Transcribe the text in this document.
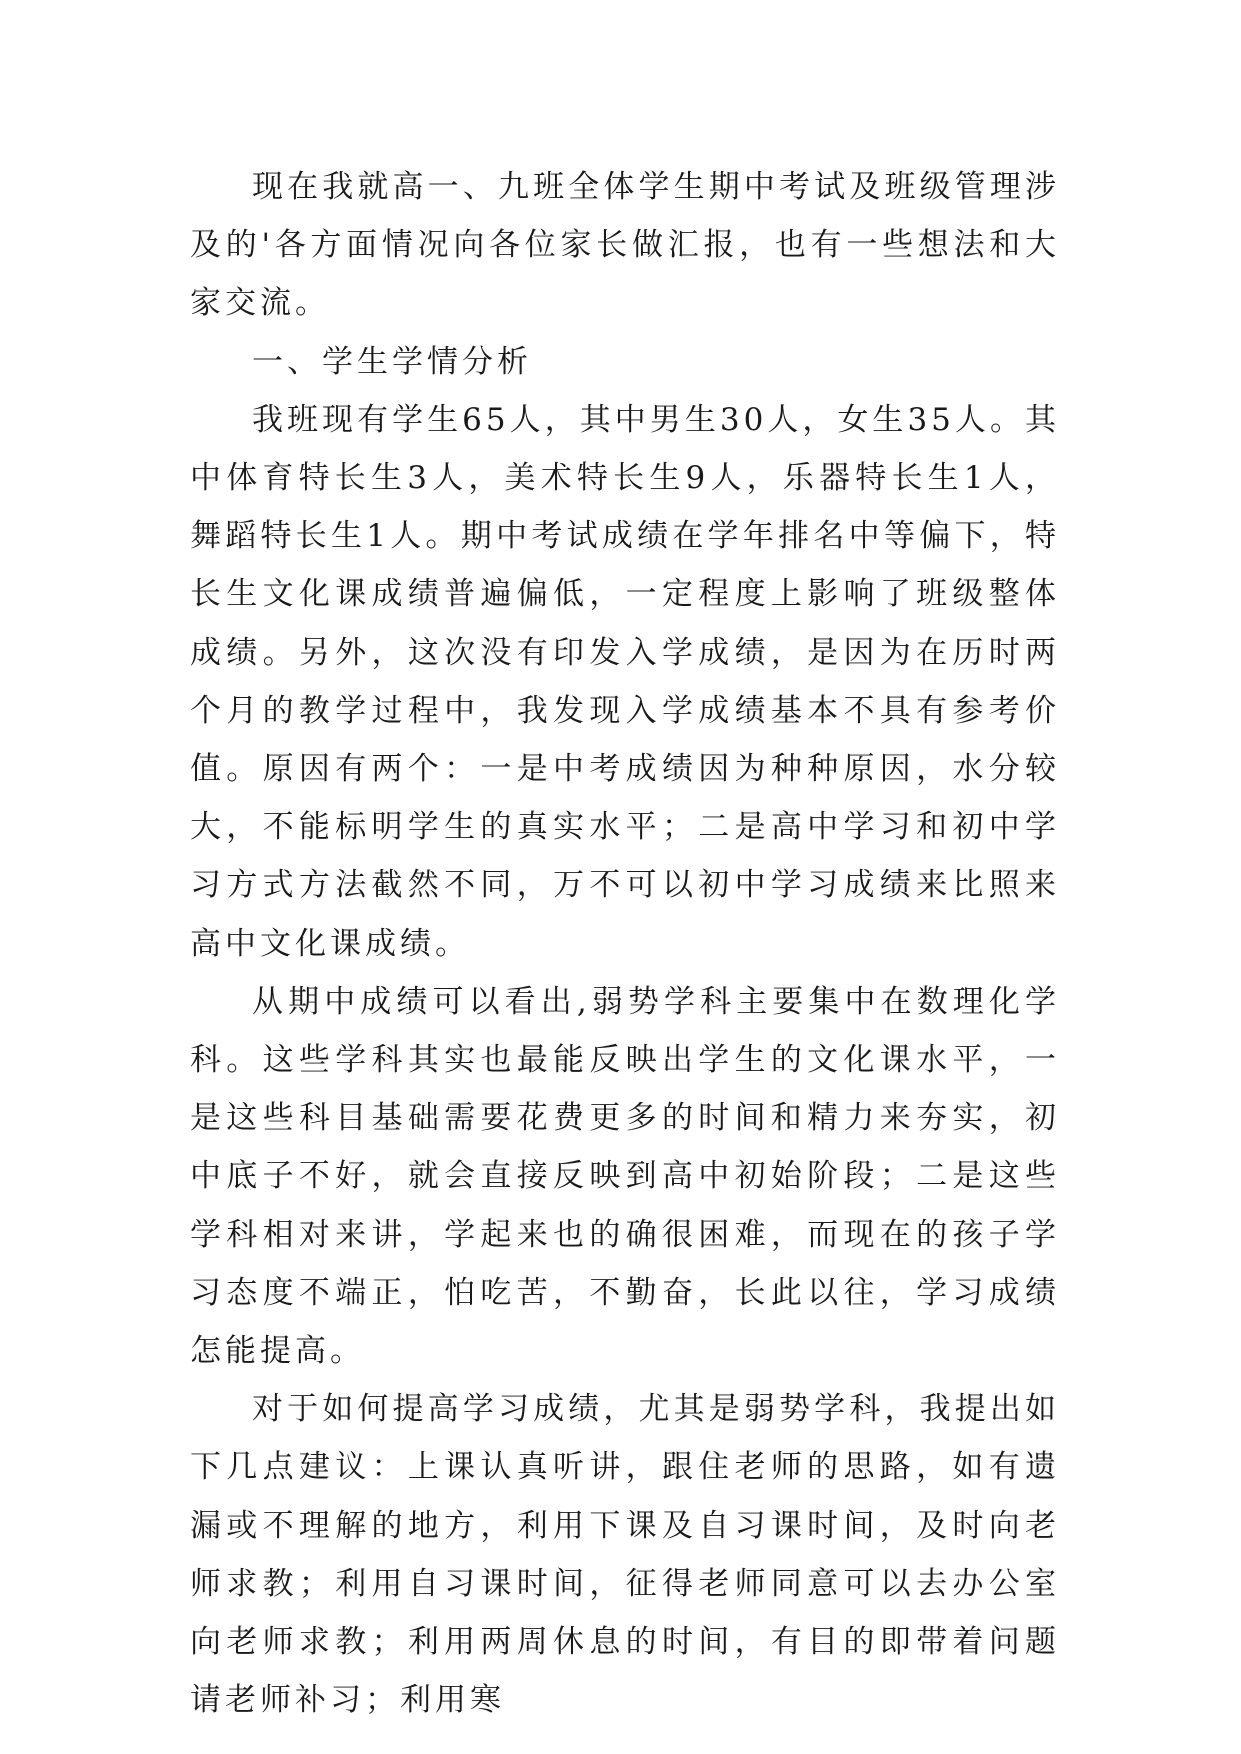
现在我就高一、九班全体学生期中考试及班级管理涉及的'各方面情况向各位家长做汇报，也有一些想法和大家交流。

一、学生学情分析

我班现有学生65人，其中男生30人，女生35人。其中体育特长生3人，美术特长生9人，乐器特长生1人，舞蹈特长生1人。期中考试成绩在学年排名中等偏下，特长生文化课成绩普遍偏低，一定程度上影响了班级整体成绩。另外，这次没有印发入学成绩，是因为在历时两个月的教学过程中，我发现入学成绩基本不具有参考价值。原因有两个：一是中考成绩因为种种原因，水分较大，不能标明学生的真实水平；二是高中学习和初中学习方式方法截然不同，万不可以初中学习成绩来比照来高中文化课成绩。

从期中成绩可以看出,弱势学科主要集中在数理化学科。这些学科其实也最能反映出学生的文化课水平，一是这些科目基础需要花费更多的时间和精力来夯实，初中底子不好，就会直接反映到高中初始阶段；二是这些学科相对来讲，学起来也的确很困难，而现在的孩子学习态度不端正，怕吃苦，不勤奋，长此以往，学习成绩怎能提高。

对于如何提高学习成绩，尤其是弱势学科，我提出如下几点建议：上课认真听讲，跟住老师的思路，如有遗漏或不理解的地方，利用下课及自习课时间，及时向老师求教；利用自习课时间，征得老师同意可以去办公室向老师求教；利用两周休息的时间，有目的即带着问题请老师补习；利用寒
